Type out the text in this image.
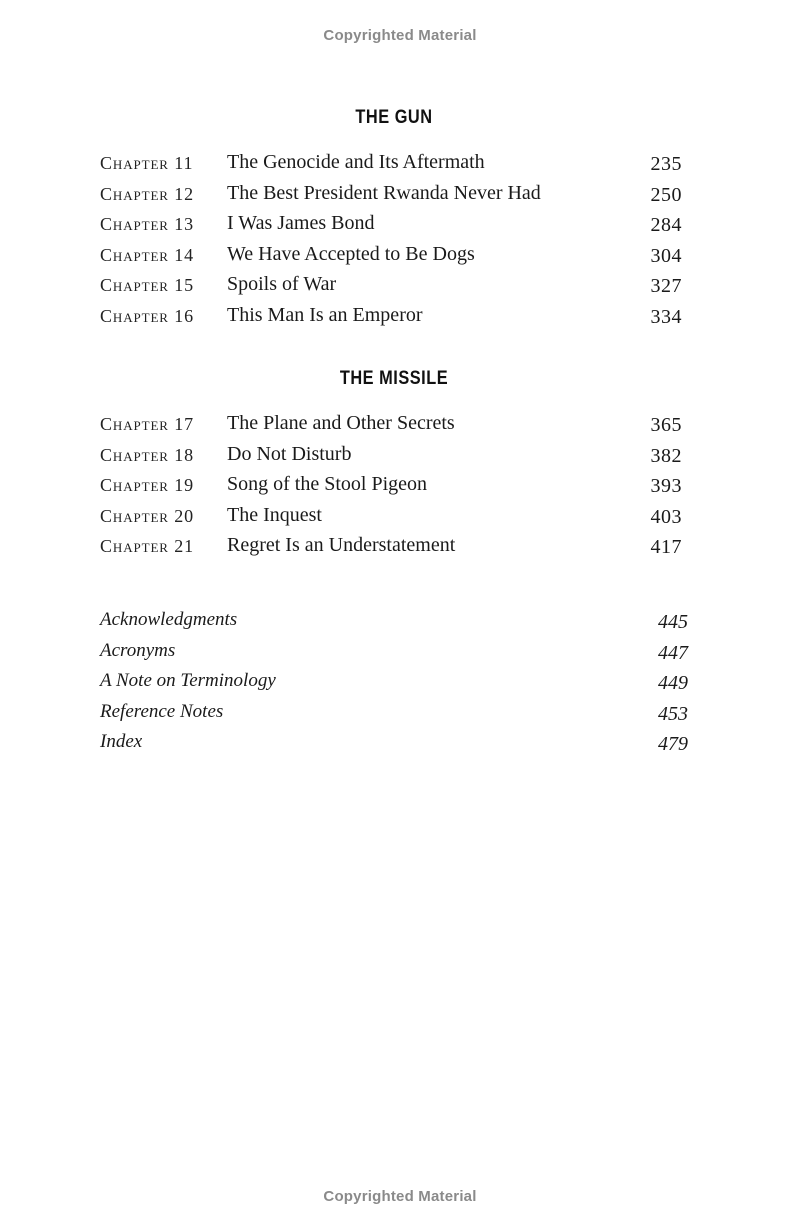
Copyrighted Material
THE GUN
Chapter 11 The Genocide and Its Aftermath	235
Chapter 12 The Best President Rwanda Never Had	250
Chapter 13 I Was James Bond	284
Chapter 14 We Have Accepted to Be Dogs	304
Chapter 15 Spoils of War	327
Chapter 16 This Man Is an Emperor	334
THE MISSILE
Chapter 17 The Plane and Other Secrets	365
Chapter 18 Do Not Disturb	382
Chapter 19 Song of the Stool Pigeon	393
Chapter 20 The Inquest	403
Chapter 21 Regret Is an Understatement	417
Acknowledgments	445
Acronyms	447
A Note on Terminology	449
Reference Notes	453
Index	479
Copyrighted Material
